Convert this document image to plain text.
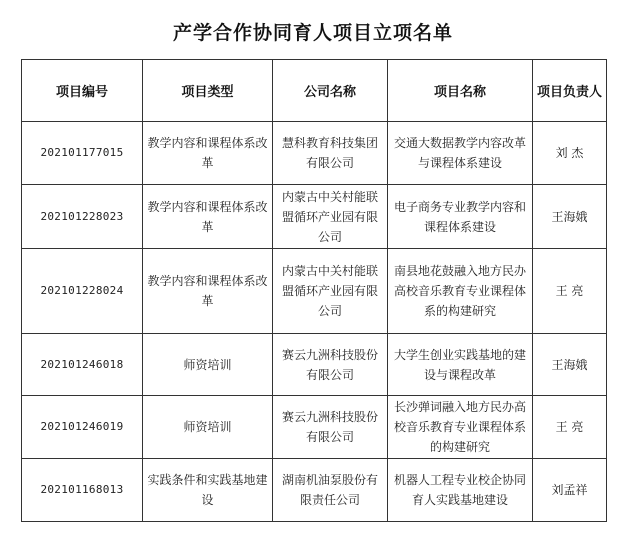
产学合作协同育人项目立项名单
项目编号	项目类型	公司名称	项目名称	项目负责人
202101177015	教学内容和课程体系改革	慧科教育科技集团有限公司	交通大数据教学内容改革与课程体系建设	刘 杰
202101228023	教学内容和课程体系改革	内蒙古中关村能联盟循环产业园有限公司	电子商务专业教学内容和课程体系建设	王海娥
202101228024	教学内容和课程体系改革	内蒙古中关村能联盟循环产业园有限公司	南县地花鼓融入地方民办高校音乐教育专业课程体系的构建研究	王 亮
202101246018	师资培训	赛云九洲科技股份有限公司	大学生创业实践基地的建设与课程改革	王海娥
202101246019	师资培训	赛云九洲科技股份有限公司	长沙弹词融入地方民办高校音乐教育专业课程体系的构建研究	王 亮
202101168013	实践条件和实践基地建设	湖南机油泵股份有限责任公司	机器人工程专业校企协同育人实践基地建设	刘孟祥
